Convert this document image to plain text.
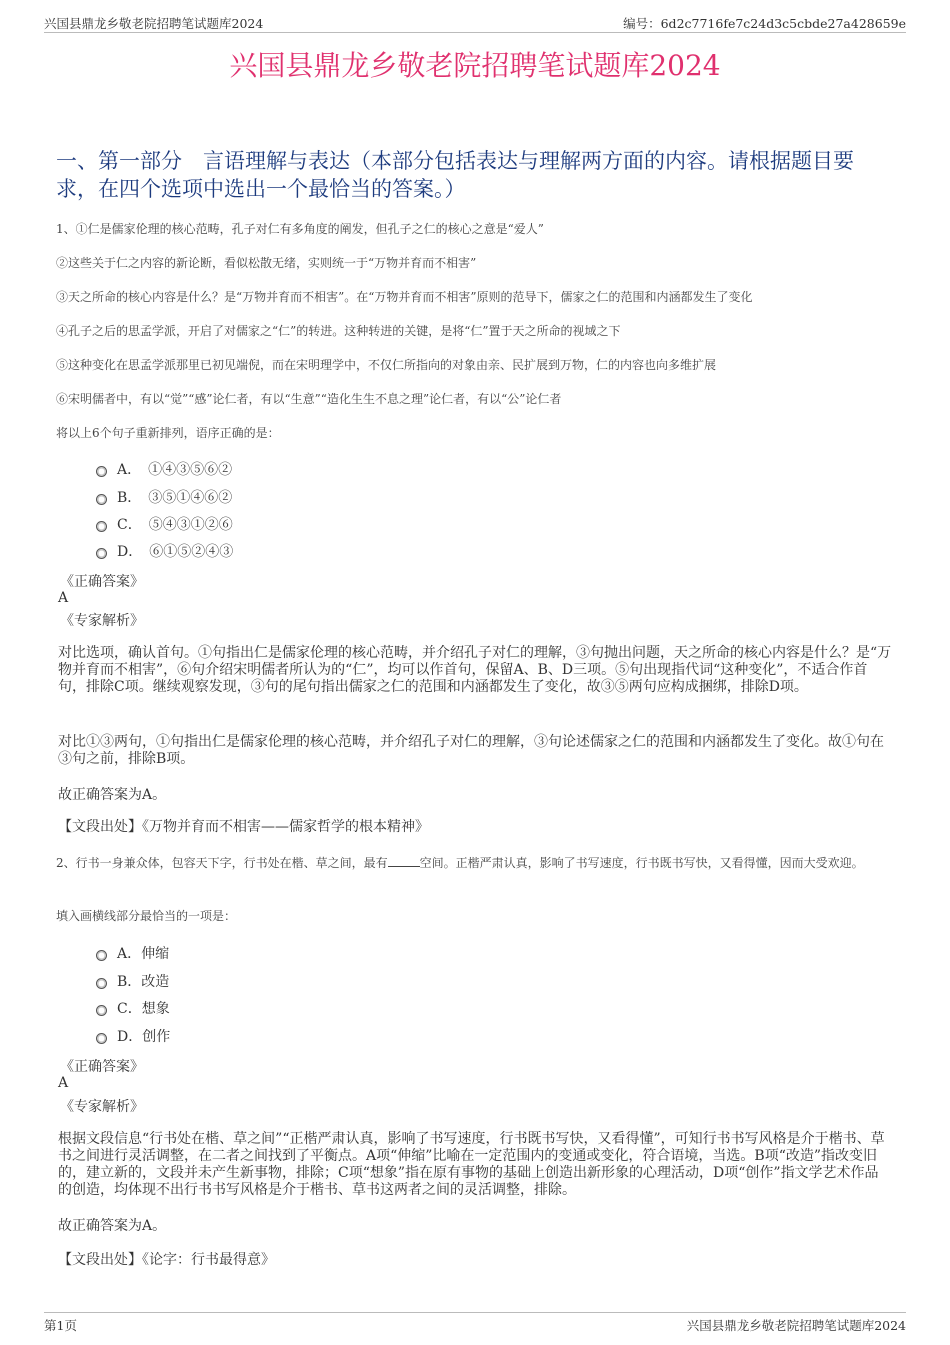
兴国县鼎龙乡敬老院招聘笔试题库2024	编号：6d2c7716fe7c24d3c5cbde27a428659e
兴国县鼎龙乡敬老院招聘笔试题库2024
一、第一部分　言语理解与表达（本部分包括表达与理解两方面的内容。请根据题目要求，在四个选项中选出一个最恰当的答案。）
1、①仁是儒家伦理的核心范畴，孔子对仁有多角度的阐发，但孔子之仁的核心之意是“爱人”
②这些关于仁之内容的新论断，看似松散无绪，实则统一于“万物并育而不相害”
③天之所命的核心内容是什么？是“万物并育而不相害”。在“万物并育而不相害”原则的范导下，儒家之仁的范围和内涵都发生了变化
④孔子之后的思孟学派，开启了对儒家之“仁”的转进。这种转进的关键，是将“仁”置于天之所命的视域之下
⑤这种变化在思孟学派那里已初见端倪，而在宋明理学中，不仅仁所指向的对象由亲、民扩展到万物，仁的内容也向多维扩展
⑥宋明儒者中，有以“觉”“感”论仁者，有以“生意”“造化生生不息之理”论仁者，有以“公”论仁者
将以上6个句子重新排列，语序正确的是：
A．　①④③⑤⑥②
B．　③⑤①④⑥②
C．　⑤④③①②⑥
D．　⑥①⑤②④③
《正确答案》
A
《专家解析》
对比选项，确认首句。①句指出仁是儒家伦理的核心范畴，并介绍孔子对仁的理解，③句抛出问题，天之所命的核心内容是什么？是“万物并育而不相害”，⑥句介绍宋明儒者所认为的“仁”，均可以作首句，保留A、B、D三项。⑤句出现指代词“这种变化”，不适合作首句，排除C项。继续观察发现，③句的尾句指出儒家之仁的范围和内涵都发生了变化，故③⑤两句应构成捆绑，排除D项。
对比①③两句，①句指出仁是儒家伦理的核心范畴，并介绍孔子对仁的理解，③句论述儒家之仁的范围和内涵都发生了变化。故①句在③句之前，排除B项。
故正确答案为A。
【文段出处】《万物并育而不相害——儒家哲学的根本精神》
2、行书一身兼众体，包容天下字，行书处在楷、草之间，最有	空间。正楷严肃认真，影响了书写速度，行书既书写快，又看得懂，因而大受欢迎。
填入画横线部分最恰当的一项是：
A．伸缩
B．改造
C．想象
D．创作
《正确答案》
A
《专家解析》
根据文段信息“行书处在楷、草之间”“正楷严肃认真，影响了书写速度，行书既书写快，又看得懂”，可知行书书写风格是介于楷书、草书之间进行灵活调整，在二者之间找到了平衡点。A项“伸缩”比喻在一定范围内的变通或变化，符合语境，当选。B项“改造”指改变旧的，建立新的，文段并未产生新事物，排除；C项“想象”指在原有事物的基础上创造出新形象的心理活动，D项“创作”指文学艺术作品的创造，均体现不出行书书写风格是介于楷书、草书这两者之间的灵活调整，排除。
故正确答案为A。
【文段出处】《论字：行书最得意》
第1页	兴国县鼎龙乡敬老院招聘笔试题库2024
